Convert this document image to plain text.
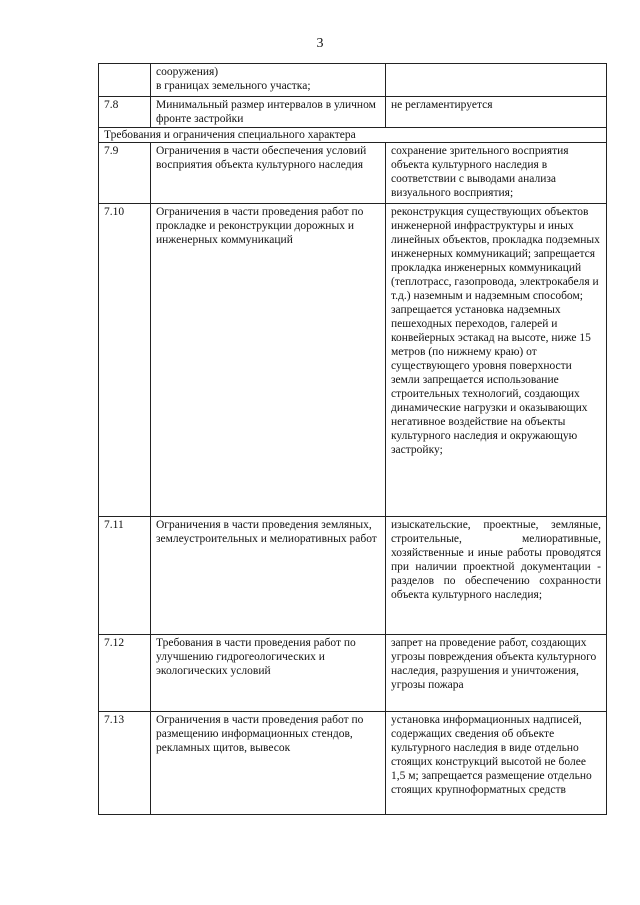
3

	сооружения)
в границах земельного участка;	

7.8	Минимальный размер интервалов в уличном фронте застройки	не регламентируется
Требования и ограничения специального характера		
7.9	Ограничения в части обеспечения условий восприятия объекта культурного наследия	сохранение зрительного восприятия объекта культурного наследия в соответствии с выводами анализа визуального восприятия;
7.10	Ограничения в части проведения работ по прокладке и реконструкции дорожных и инженерных коммуникаций	реконструкция существующих объектов инженерной инфраструктуры и иных линейных объектов, прокладка подземных инженерных коммуникаций; запрещается прокладка инженерных коммуникаций (теплотрасс, газопровода, электрокабеля и т.д.) наземным и надземным способом; запрещается установка надземных пешеходных переходов, галерей и конвейерных эстакад на высоте, ниже 15 метров (по нижнему краю) от существующего уровня поверхности земли запрещается использование строительных технологий, создающих динамические нагрузки и оказывающих негативное воздействие на объекты культурного наследия и окружающую застройку;
7.11	Ограничения в части проведения земляных, землеустроительных и мелиоративных работ	изыскательские, проектные, земляные, строительные, мелиоративные, хозяйственные и иные работы проводятся при наличии проектной документации - разделов по обеспечению сохранности объекта культурного наследия;
7.12	Требования в части проведения работ по улучшению гидрогеологических и экологических условий	запрет на проведение работ, создающих угрозы повреждения объекта культурного наследия, разрушения и уничтожения, угрозы пожара
7.13	Ограничения в части проведения работ по размещению информационных стендов, рекламных щитов, вывесок	установка информационных надписей, содержащих сведения об объекте культурного наследия в виде отдельно стоящих конструкций высотой не более 1,5 м; запрещается размещение отдельно стоящих крупноформатных средств
